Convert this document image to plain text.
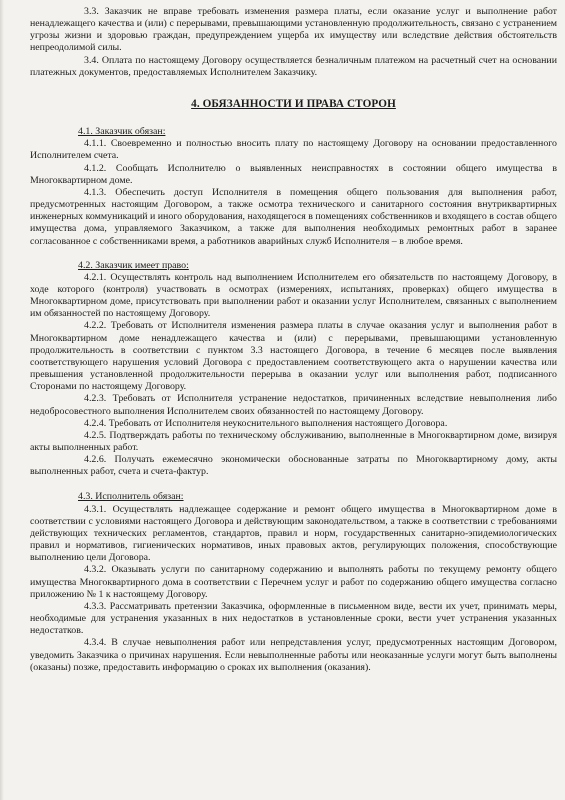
3.3. Заказчик не вправе требовать изменения размера платы, если оказание услуг и выполнение работ ненадлежащего качества и (или) с перерывами, превышающими установленную продолжительность, связано с устранением угрозы жизни и здоровью граждан, предупреждением ущерба их имуществу или вследствие действия обстоятельств непреодолимой силы.

3.4. Оплата по настоящему Договору осуществляется безналичным платежом на расчетный счет на основании платежных документов, предоставляемых Исполнителем Заказчику.

4. ОБЯЗАННОСТИ И ПРАВА СТОРОН

4.1. Заказчик обязан:

4.1.1. Своевременно и полностью вносить плату по настоящему Договору на основании предоставленного Исполнителем счета.

4.1.2. Сообщать Исполнителю о выявленных неисправностях в состоянии общего имущества в Многоквартирном доме.

4.1.3. Обеспечить доступ Исполнителя в помещения общего пользования для выполнения работ, предусмотренных настоящим Договором, а также осмотра технического и санитарного состояния внутриквартирных инженерных коммуникаций и иного оборудования, находящегося в помещениях собственников и входящего в состав общего имущества дома, управляемого Заказчиком, а также для выполнения необходимых ремонтных работ в заранее согласованное с собственниками время, а работников аварийных служб Исполнителя – в любое время.

4.2. Заказчик имеет право:

4.2.1. Осуществлять контроль над выполнением Исполнителем его обязательств по настоящему Договору, в ходе которого (контроля) участвовать в осмотрах (измерениях, испытаниях, проверках) общего имущества в Многоквартирном доме, присутствовать при выполнении работ и оказании услуг Исполнителем, связанных с выполнением им обязанностей по настоящему Договору.

4.2.2. Требовать от Исполнителя изменения размера платы в случае оказания услуг и выполнения работ в Многоквартирном доме ненадлежащего качества и (или) с перерывами, превышающими установленную продолжительность в соответствии с пунктом 3.3 настоящего Договора, в течение 6 месяцев после выявления соответствующего нарушения условий Договора с предоставлением соответствующего акта о нарушении качества или превышения установленной продолжительности перерыва в оказании услуг или выполнения работ, подписанного Сторонами по настоящему Договору.

4.2.3. Требовать от Исполнителя устранение недостатков, причиненных вследствие невыполнения либо недобросовестного выполнения Исполнителем своих обязанностей по настоящему Договору.

4.2.4. Требовать от Исполнителя неукоснительного выполнения настоящего Договора.

4.2.5. Подтверждать работы по техническому обслуживанию, выполненные в Многоквартирном доме, визируя акты выполненных работ.

4.2.6. Получать ежемесячно экономически обоснованные затраты по Многоквартирному дому, акты выполненных работ, счета и счета-фактур.

4.3. Исполнитель обязан:

4.3.1. Осуществлять надлежащее содержание и ремонт общего имущества в Многоквартирном доме в соответствии с условиями настоящего Договора и действующим законодательством, а также в соответствии с требованиями действующих технических регламентов, стандартов, правил и норм, государственных санитарно-эпидемиологических правил и нормативов, гигиенических нормативов, иных правовых актов, регулирующих положения, способствующие выполнению цели Договора.

4.3.2. Оказывать услуги по санитарному содержанию и выполнять работы по текущему ремонту общего имущества Многоквартирного дома в соответствии с Перечнем услуг и работ по содержанию общего имущества согласно приложению № 1 к настоящему Договору.

4.3.3. Рассматривать претензии Заказчика, оформленные в письменном виде, вести их учет, принимать меры, необходимые для устранения указанных в них недостатков в установленные сроки, вести учет устранения указанных недостатков.

4.3.4. В случае невыполнения работ или непредставления услуг, предусмотренных настоящим Договором, уведомить Заказчика о причинах нарушения. Если невыполненные работы или неоказанные услуги могут быть выполнены (оказаны) позже, предоставить информацию о сроках их выполнения (оказания).
